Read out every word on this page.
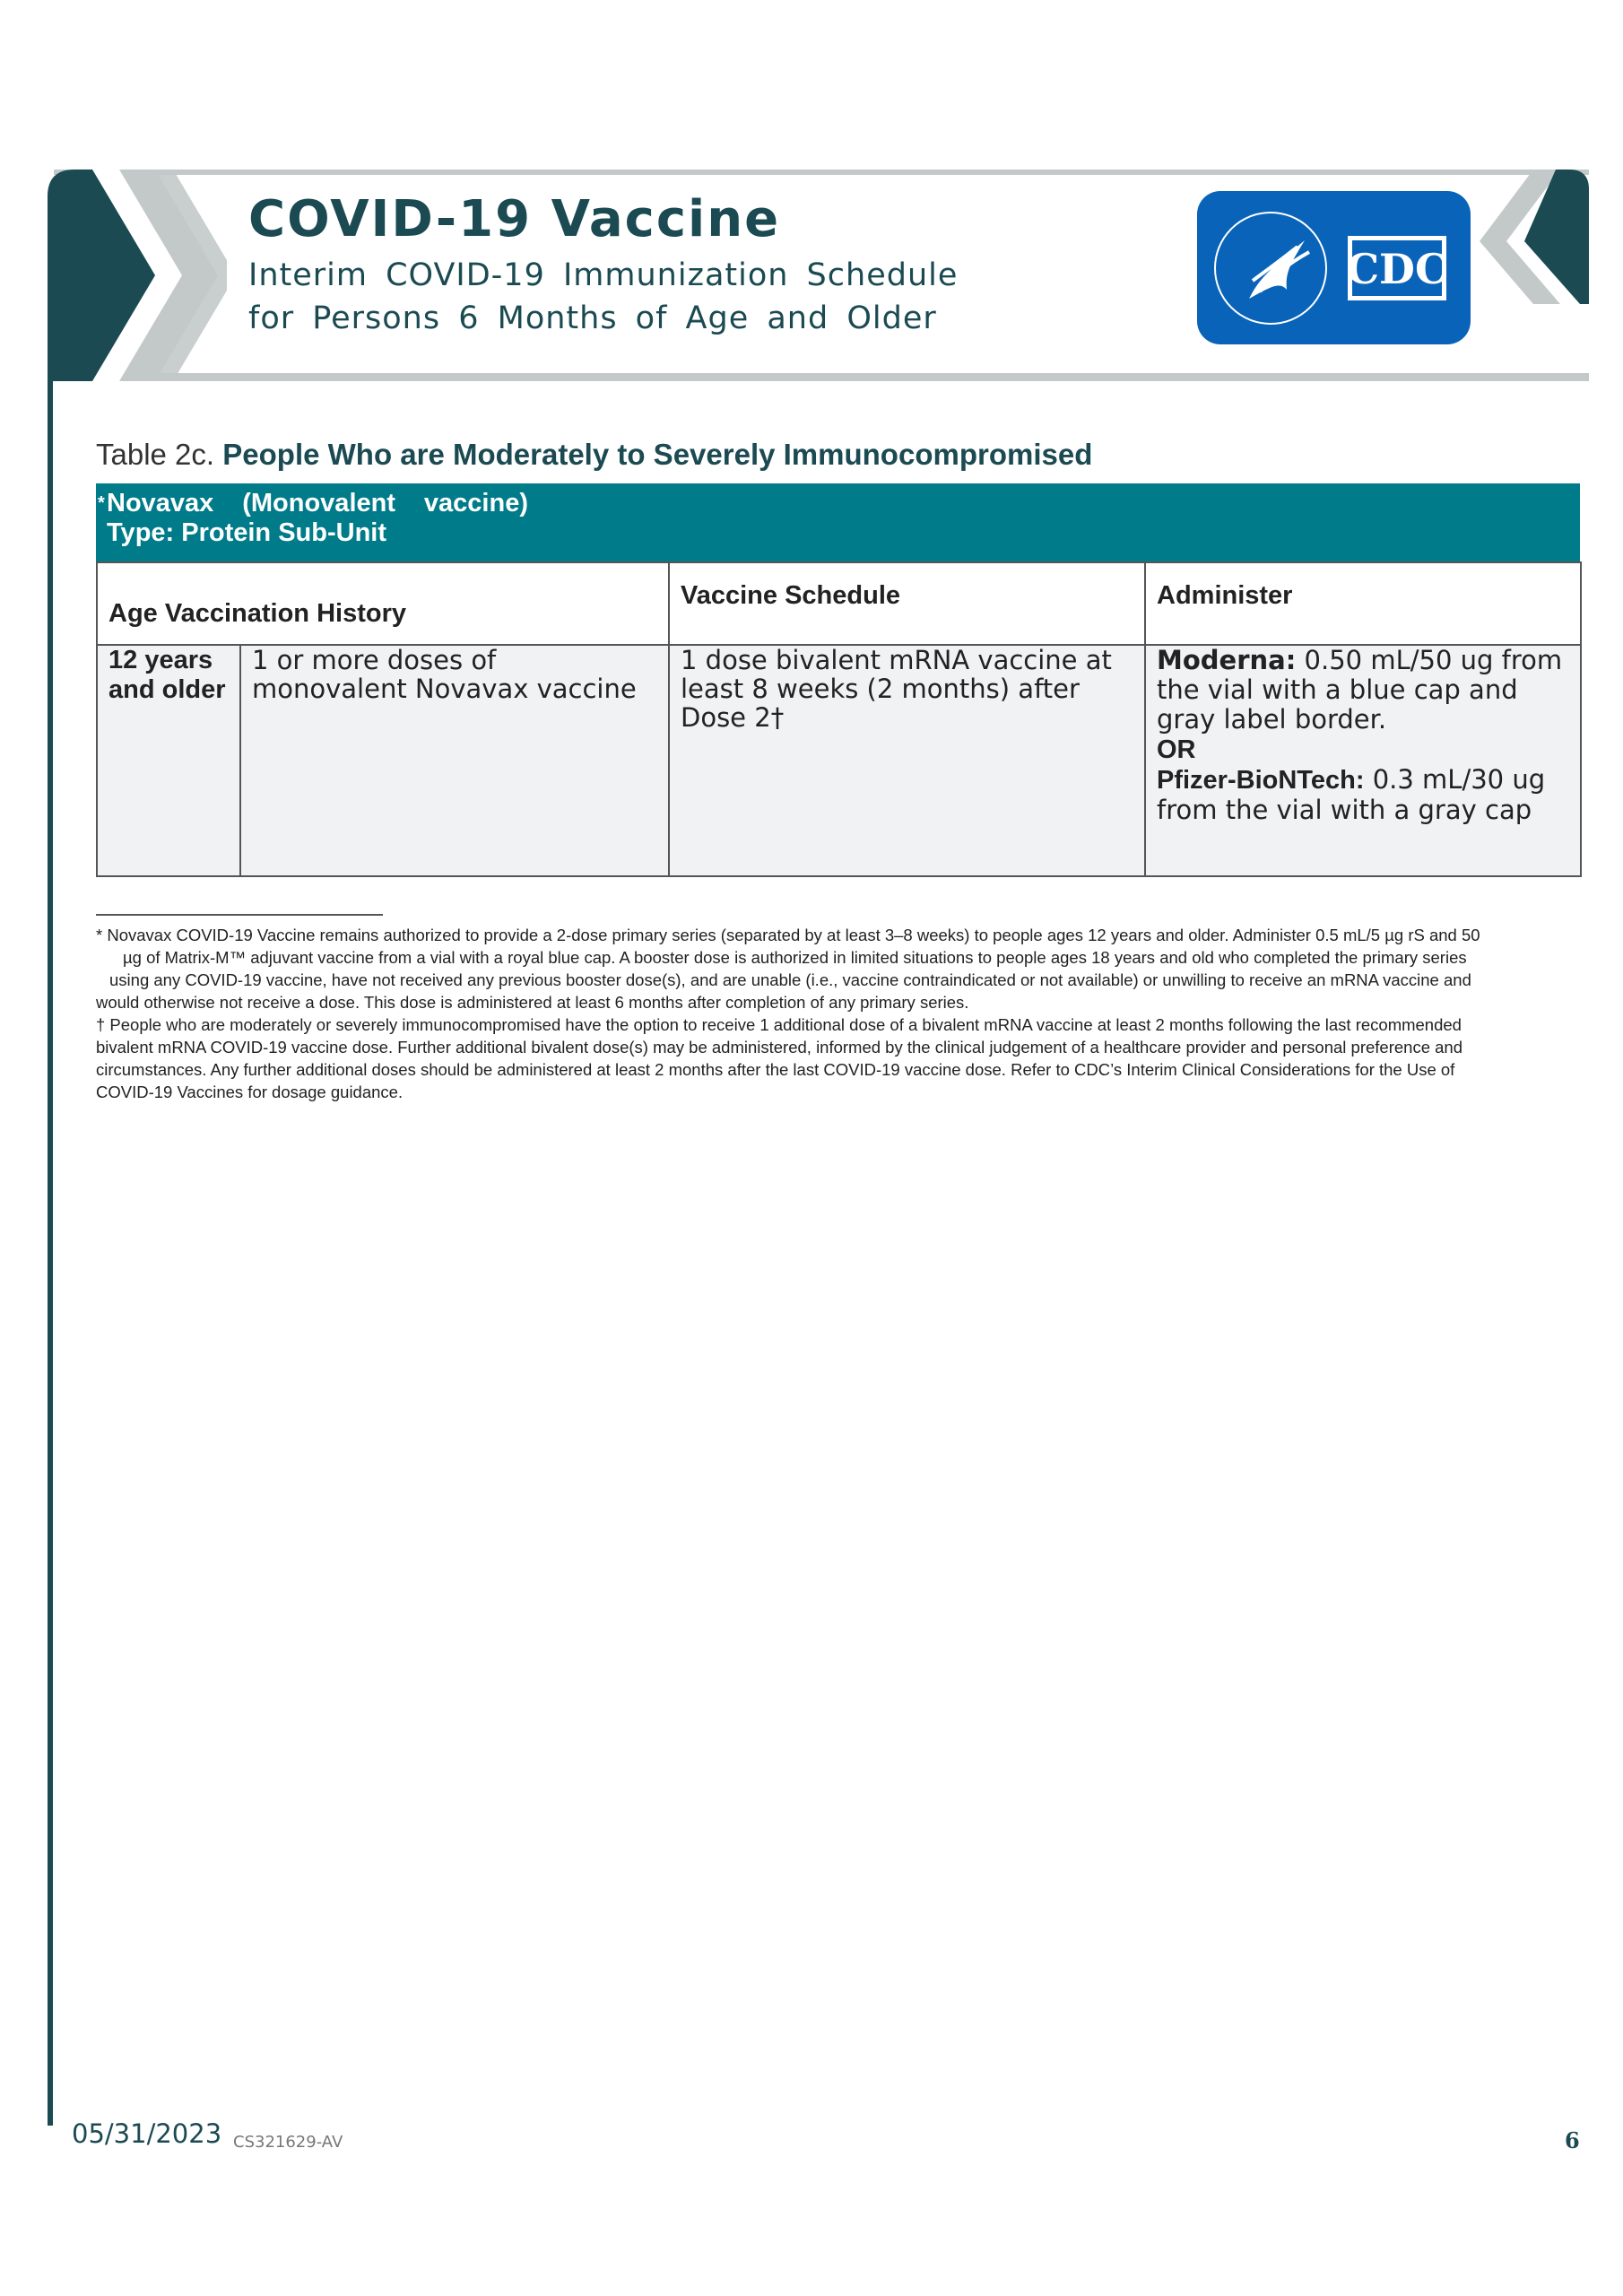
COVID-19 Vaccine
Interim COVID-19 Immunization Schedule
for Persons 6 Months of Age and Older
CDC
Table 2c. People Who are Moderately to Severely Immunocompromised
* Novavax (Monovalent vaccine) Type: Protein Sub-Unit
Age Vaccination History		Vaccine Schedule	Administer
12 years and older	1 or more doses of monovalent Novavax vaccine	1 dose bivalent mRNA vaccine at least 8 weeks (2 months) after Dose 2†	Moderna: 0.50 mL/50 ug from the vial with a blue cap and gray label border.
OR
Pfizer-BioNTech: 0.3 mL/30 ug from the vial with a gray cap

* Novavax COVID-19 Vaccine remains authorized to provide a 2-dose primary series (separated by at least 3–8 weeks) to people ages 12 years and older. Administer 0.5 mL/5 µg rS and 50
µg of Matrix-M™ adjuvant vaccine from a vial with a royal blue cap. A booster dose is authorized in limited situations to people ages 18 years and old who completed the primary series
using any COVID-19 vaccine, have not received any previous booster dose(s), and are unable (i.e., vaccine contraindicated or not available) or unwilling to receive an mRNA vaccine and
would otherwise not receive a dose. This dose is administered at least 6 months after completion of any primary series.

† People who are moderately or severely immunocompromised have the option to receive 1 additional dose of a bivalent mRNA vaccine at least 2 months following the last recommended bivalent mRNA COVID-19 vaccine dose. Further additional bivalent dose(s) may be administered, informed by the clinical judgement of a healthcare provider and personal preference and circumstances. Any further additional doses should be administered at least 2 months after the last COVID-19 vaccine dose. Refer to CDC’s Interim Clinical Considerations for the Use of COVID-19 Vaccines for dosage guidance.

05/31/2023 CS321629-AV	6
